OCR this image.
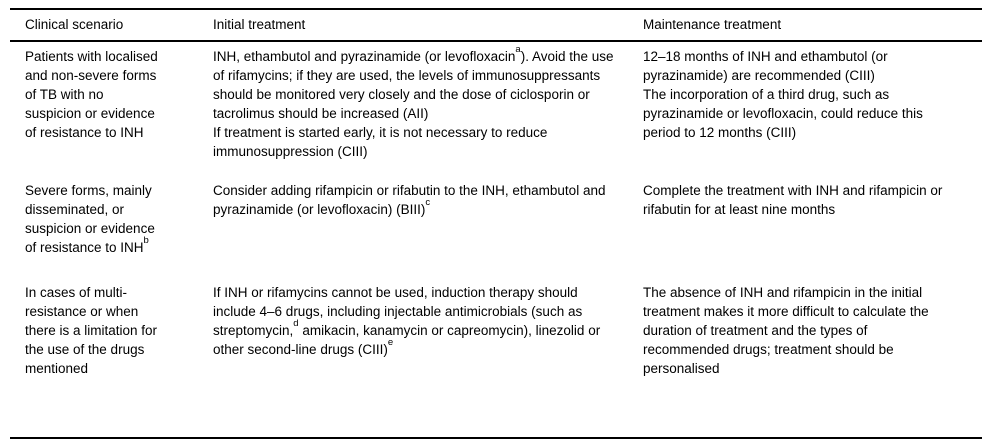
Clinical scenario	Initial treatment	Maintenance treatment
Patients with localised and non-severe forms of TB with no suspicion or evidence of resistance to INH
INH, ethambutol and pyrazinamide (or levofloxacin$^a$). Avoid the use of rifamycins; if they are used, the levels of immunosuppressants should be monitored very closely and the dose of ciclosporin or tacrolimus should be increased (AII)
If treatment is started early, it is not necessary to reduce immunosuppression (CIII)
12–18 months of INH and ethambutol (or pyrazinamide) are recommended (CIII)
The incorporation of a third drug, such as pyrazinamide or levofloxacin, could reduce this period to 12 months (CIII)
Severe forms, mainly disseminated, or suspicion or evidence of resistance to INH$^b$
Consider adding rifampicin or rifabutin to the INH, ethambutol and pyrazinamide (or levofloxacin) (BIII)$^c$
Complete the treatment with INH and rifampicin or rifabutin for at least nine months
In cases of multi-resistance or when there is a limitation for the use of the drugs mentioned
If INH or rifamycins cannot be used, induction therapy should include 4–6 drugs, including injectable antimicrobials (such as streptomycin,$^d$ amikacin, kanamycin or capreomycin), linezolid or other second-line drugs (CIII)$^e$
The absence of INH and rifampicin in the initial treatment makes it more difficult to calculate the duration of treatment and the types of recommended drugs; treatment should be personalised
